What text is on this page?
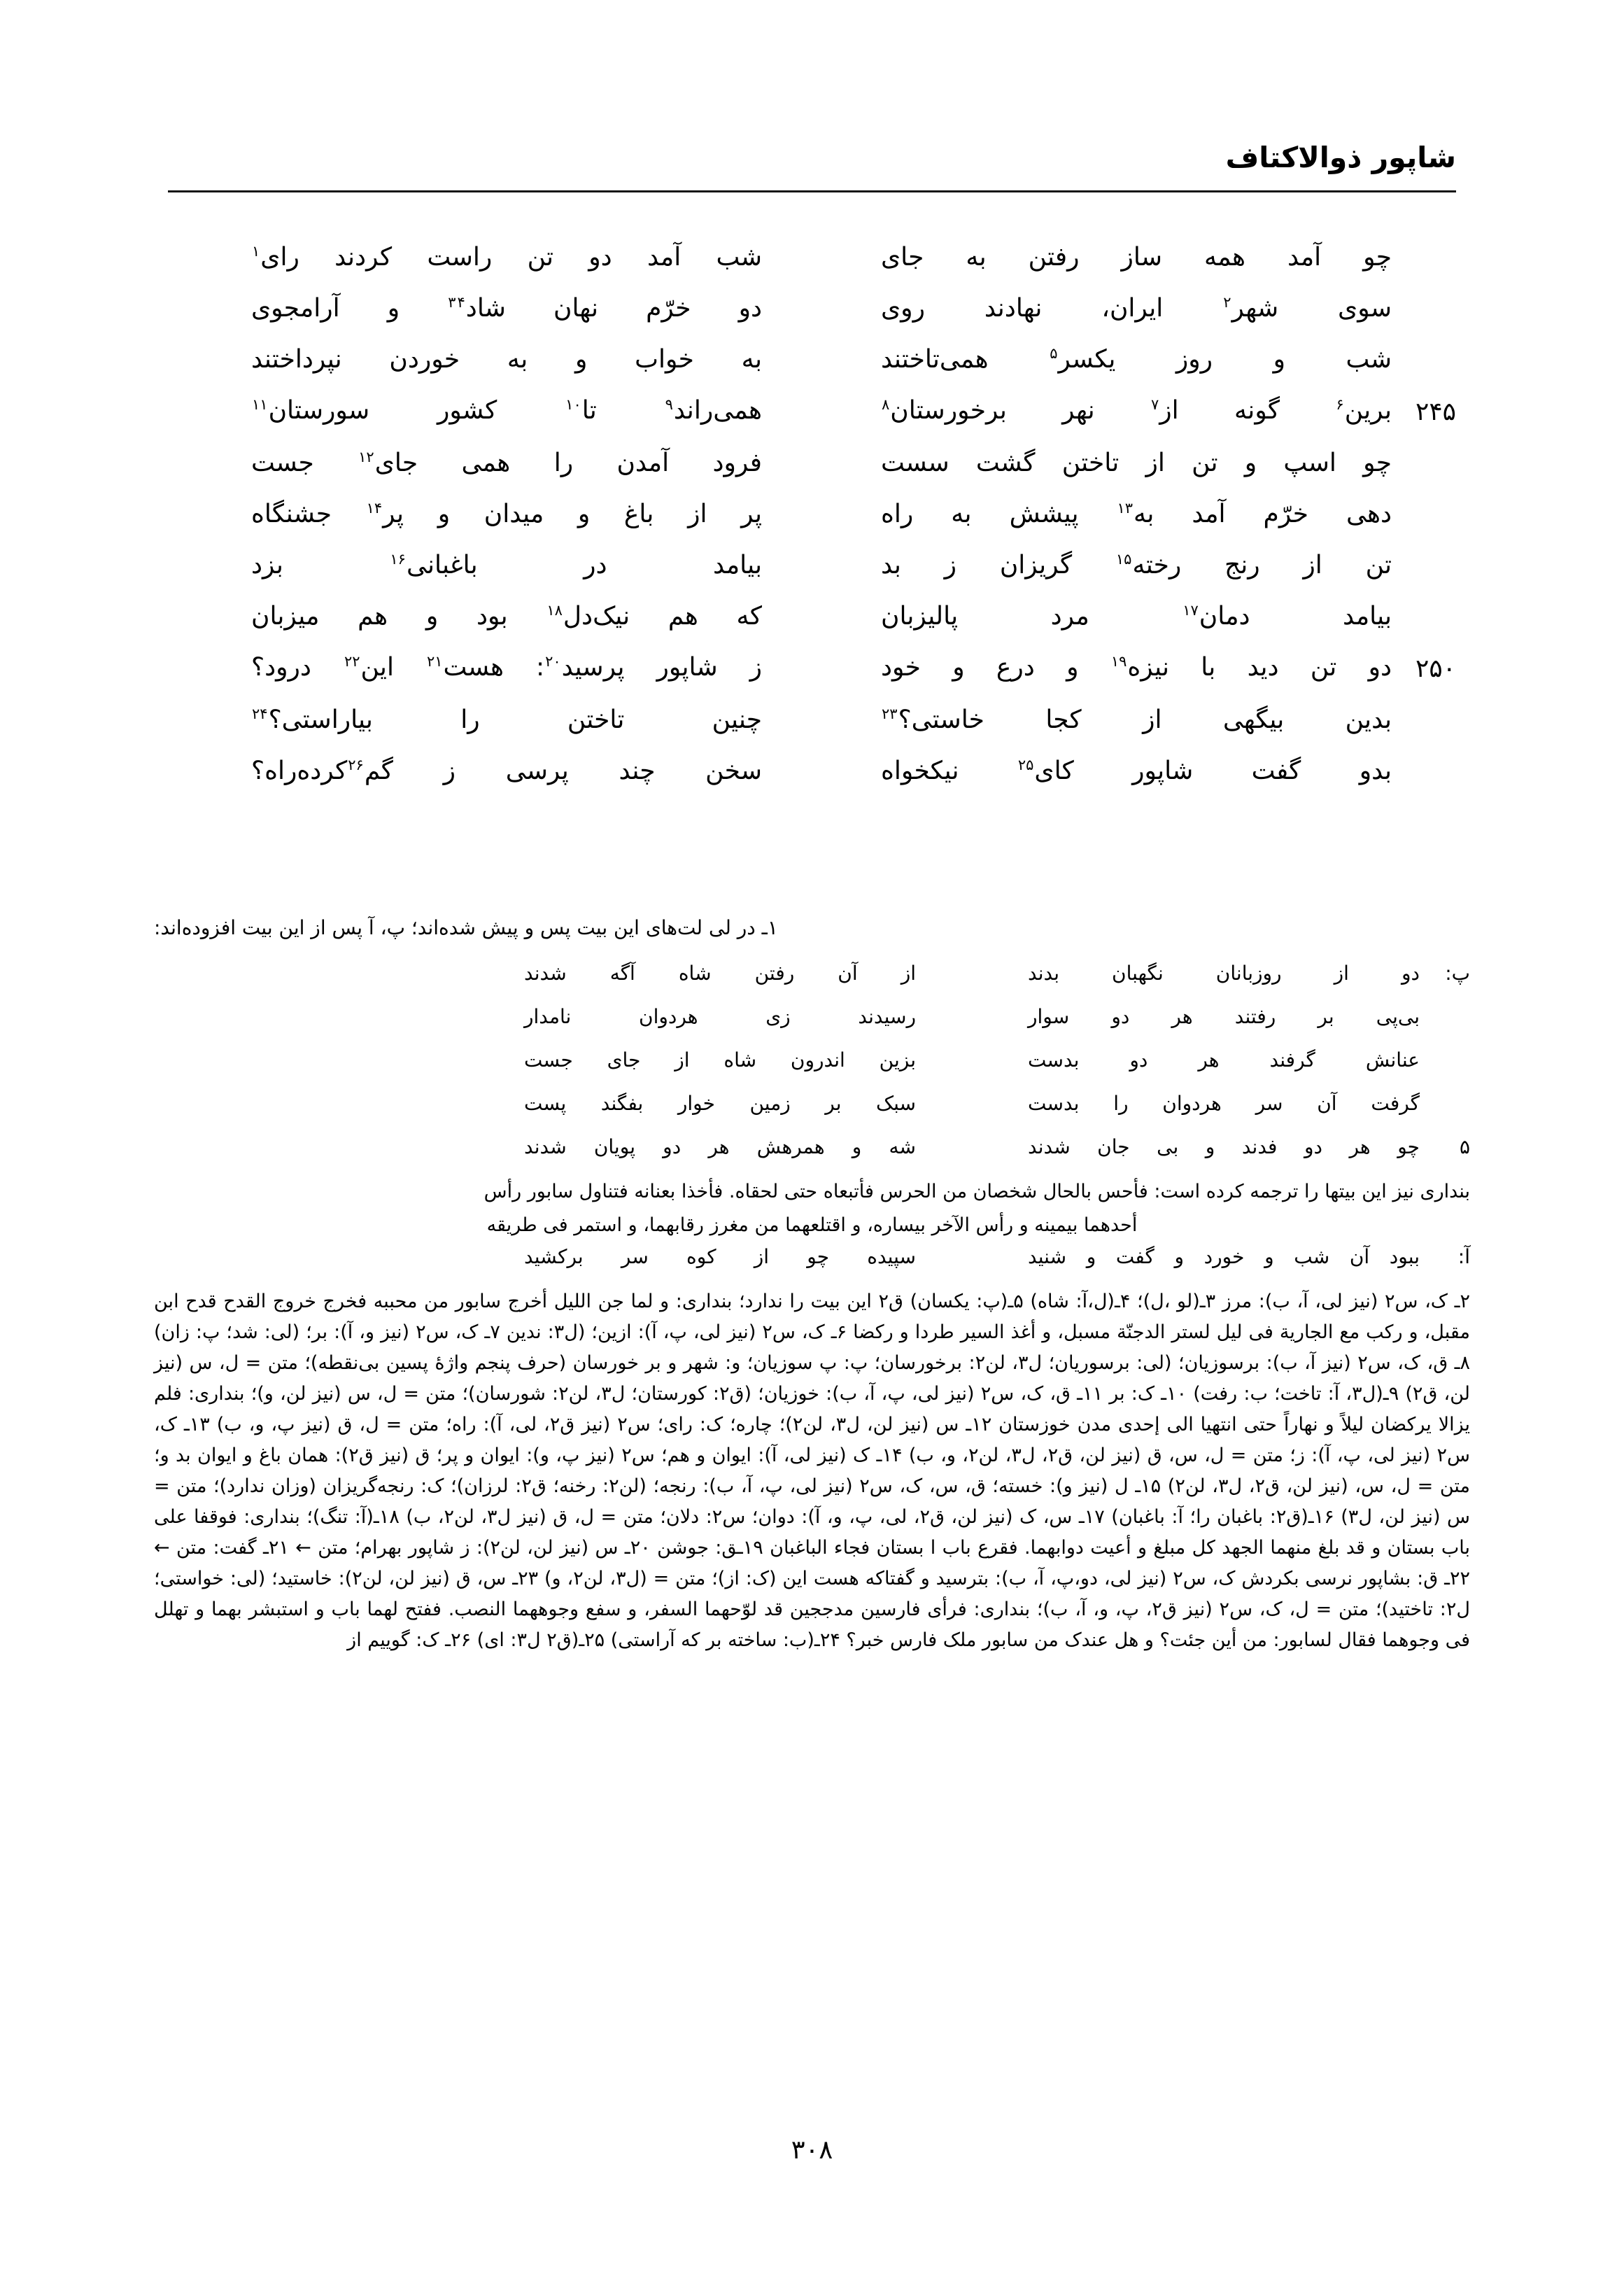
شاپور ذوالاکتاف
چو آمد همه ساز رفتن به جای
شب آمد دو تن راست کردند رای$^۱$
سوی شهر$^۲$ ایران، نهادند روی
دو خرّم نهان شاد$^{۳۴}$ و آرامجوی
شب و روز یکسر$^۵$ همی‌تاختند
به خواب و به خوردن نپرداختند
۲۴۵
برین$^۶$ گونه از$^۷$ نهر برخورستان$^۸$
همی‌راند$^۹$ تا$^{۱۰}$ کشور سورستان$^{۱۱}$
چو اسپ و تن از تاختن گشت سست
فرود آمدن را همی جای$^{۱۲}$ جست
دهی خرّم آمد به$^{۱۳}$ پیشش به راه
پر از باغ و میدان و پر$^{۱۴}$ جشنگاه
تن از رنج رخته$^{۱۵}$ گریزان ز بد
بیامد در باغبانی$^{۱۶}$ بزد
بیامد دمان$^{۱۷}$ مرد پالیزبان
که هم نیک‌دل$^{۱۸}$ بود و هم میزبان
۲۵۰
دو تن دید با نیزه$^{۱۹}$ و درع و خود
ز شاپور پرسید$^{۲۰}$: هست$^{۲۱}$ این$^{۲۲}$ درود؟
بدین بیگهی از کجا خاستی؟$^{۲۳}$
چنین تاختن را بیاراستی؟$^{۲۴}$
بدو گفت شاپور کای$^{۲۵}$ نیکخواه
سخن چند پرسی ز گم$^{۲۶}$کرده‌راه؟
۱ـ در لی لت‌های این بیت پس و پیش شده‌اند؛ پ، آ پس از این بیت افزوده‌اند:
پ:
دو از روز‌بانان نگهبان بدند
از آن رفتن شاه آگه شدند
بی‌پی بر رفتند هر دو سوار
رسیدند زی هردوان نامدار
عنانش گرفند هر دو بدست
بزین اندرون شاه از جای جست
گرفت آن سر هردوان را بدست
سبک بر زمین خوار بفگند پست
۵
چو هر دو فدند و بی جان شدند
شه و همرهش هر دو پویان شدند
بنداری نیز این بیتها را ترجمه کرده است: فأحس بالحال شخصان من الحرس فأتبعاه حتی لحقاه. فأخذا بعنانه فتناول سابور رأس
أحدهما بیمینه و رأس الآخر بیساره، و اقتلعهما من مغرز رقابهما، و استمر فی طریقه
آ:
ببود آن شب و خورد و گفت و شنید
سپیده چو از کوه سر برکشید
۲ـ ک، س۲ (نیز لی، آ، ب): مرز ۳ـ(لو ،ل)؛ ۴ـ(ل،آ: شاه) ۵ـ(پ: یکسان) ق۲ این بیت را ندارد؛ بنداری: و لما جن اللیل أخرج سابور من محببه فخرج خروج القدح قدح ابن مقبل، و رکب مع الجاریة فی لیل لستر الدجنّة مسبل، و أغذ السیر طردا و رکضا ۶ـ ک، س۲ (نیز لی، پ، آ): ازین؛ (ل۳: ندین ۷ـ ک، س۲ (نیز و، آ): بر؛ (لی: شد؛ پ: زان) ۸ـ ق، ک، س۲ (نیز آ، ب): برسوزیان؛ (لی: برسوریان؛ ل۳، لن۲: برخورسان؛ پ: پ سوزیان؛ و: شهر و بر خورسان (حرف پنجم واژهٔ پسین بی‌نقطه)؛ متن = ل، س (نیز لن، ق۲) ۹ـ(ل۳، آ: تاخت؛ ب: رفت) ۱۰ـ ک: بر ۱۱ـ ق، ک، س۲ (نیز لی، پ، آ، ب): خوزیان؛ (ق۲: کورستان؛ ل۳، لن۲: شورسان)؛ متن = ل، س (نیز لن، و)؛ بنداری: فلم یزالا یرکضان لیلاً و نهاراً حتی انتهیا الی إحدی مدن خوزستان ۱۲ـ س (نیز لن، ل۳، لن۲)؛ چاره؛ ک: رای؛ س۲ (نیز ق۲، لی، آ): راه؛ متن = ل، ق (نیز پ، و، ب) ۱۳ـ ک، س۲ (نیز لی، پ، آ): ز؛ متن = ل، س، ق (نیز لن، ق۲، ل۳، لن۲، و، ب) ۱۴ـ ک (نیز لی، آ): ایوان و هم؛ س۲ (نیز پ، و): ایوان و پر؛ ق (نیز ق۲): همان باغ و ایوان بد و؛ متن = ل، س، (نیز لن، ق۲، ل۳، لن۲) ۱۵ـ ل (نیز و): خسته؛ ق، س، ک، س۲ (نیز لی، پ، آ، ب): رنجه؛ (لن۲: رخنه؛ ق۲: لرزان)؛ ک: رنجه‌گریزان (وزان ندارد)؛ متن = س (نیز لن، ل۳) ۱۶ـ(ق۲: باغبان را؛ آ: باغبان) ۱۷ـ س، ک (نیز لن، ق۲، لی، پ، و، آ): دوان؛ س۲: دلان؛ متن = ل، ق (نیز ل۳، لن۲، ب) ۱۸ـ(آ: تنگ)؛ بنداری: فوقفا علی باب بستان و قد بلغ منهما الجهد کل مبلغ و أعیت دوابهما. فقرع باب ا بستان فجاء الباغبان ۱۹ـق: جوشن ۲۰ـ س (نیز لن، لن۲): ز شاپور بهرام؛ متن ← ۲۱ـ گفت: متن ← ۲۲ـ ق: بشاپور نرسی بکردش ک، س۲ (نیز لی، دو،پ، آ، ب): بترسید و گفتاکه هست این (ک: از)؛ متن = (ل۳، لن۲، و) ۲۳ـ س، ق (نیز لن، لن۲): خاستید؛ (لی: خواستی؛ ل۲: تاختید)؛ متن = ل، ک، س۲ (نیز ق۲، پ، و، آ، ب)؛ بنداری: فرأی فارسین مدججین قد لوّحهما السفر، و سفع وجوههما النصب. ففتح لهما باب و استبشر بهما و تهلل فی وجوهما فقال لسابور: من أین جئت؟ و هل عندک من سابور ملک فارس خبر؟ ۲۴ـ(ب: ساخته بر که آراستی) ۲۵ـ(ق۲ ل۳: ای) ۲۶ـ ک: گوییم از
۳۰۸
